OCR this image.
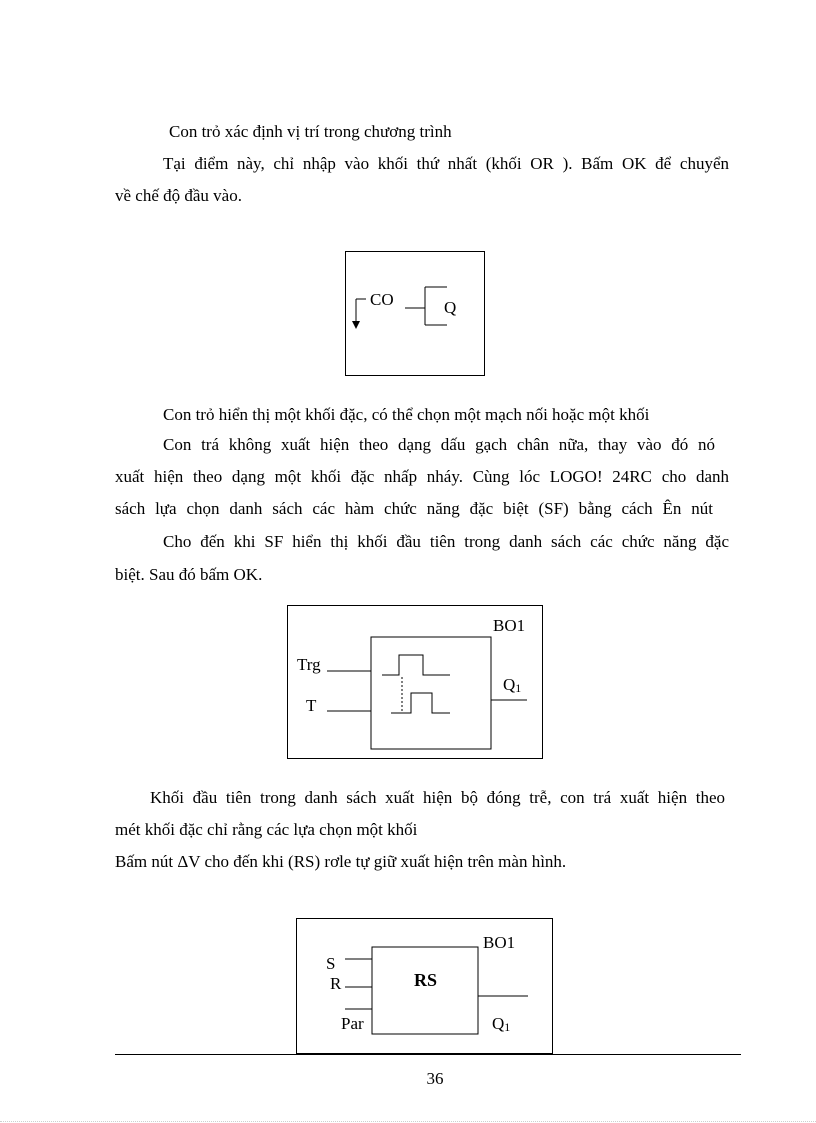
Con trỏ xác định vị trí trong chương trình
Tại điểm này, chỉ nhập vào khối thứ nhất (khối OR ). Bấm OK để chuyển
về chế độ đầu vào.
CO	Q
Con trỏ hiển thị một khối đặc, có thể chọn một mạch nối hoặc một khối
Con trá không xuất hiện theo dạng dấu gạch chân nữa, thay vào đó nó
xuất hiện theo dạng một khối đặc nhấp nháy. Cùng lóc LOGO! 24RC cho danh
sách lựa chọn danh sách các hàm chức năng đặc biệt (SF) bằng cách Ên nút
Cho đến khi SF hiển thị khối đầu tiên trong danh sách các chức năng đặc
biệt. Sau đó bấm OK.
BO1
Trg
T
Q1
Khối đầu tiên trong danh sách xuất hiện bộ đóng trễ, con trá xuất hiện theo
mét khối đặc chỉ rằng các lựa chọn một khối
Bấm nút ΔV cho đến khi (RS) rơle tự giữ xuất hiện trên màn hình.
BO1
S
R
Par
RS
Q1
36
